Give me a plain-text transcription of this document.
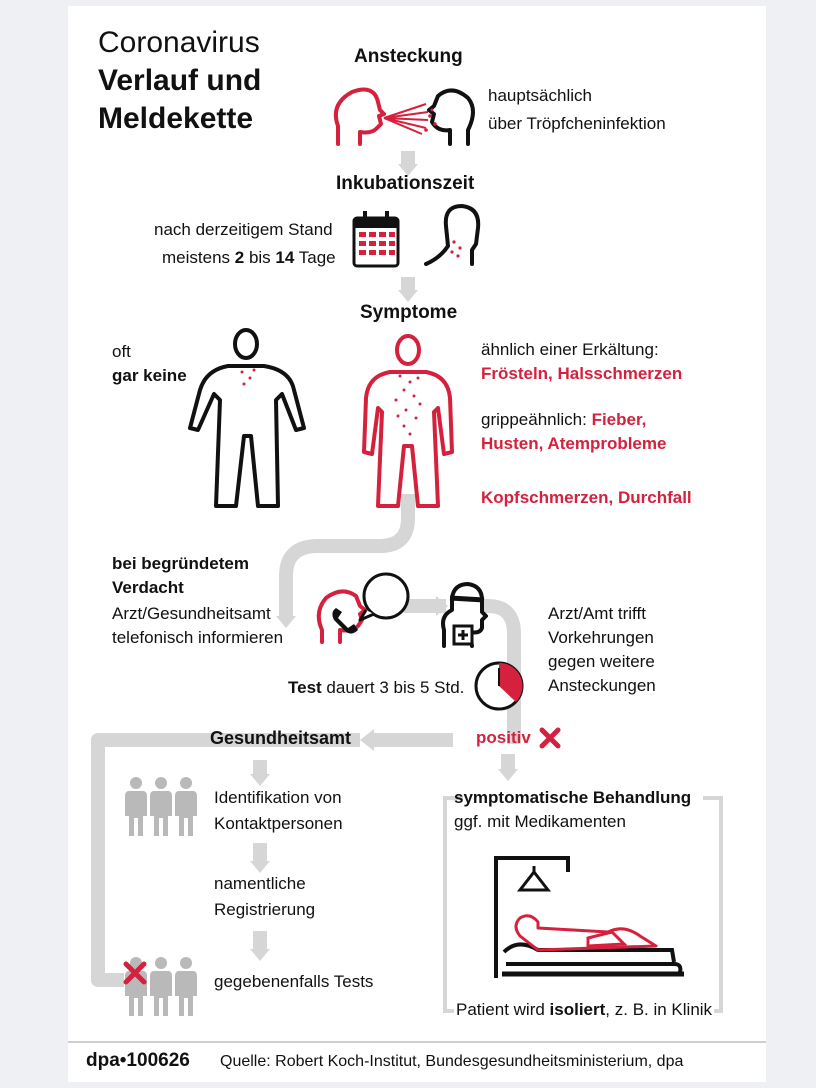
Coronavirus
Verlauf und
Meldekette
Ansteckung
hauptsächlich
über Tröpfcheninfektion
Inkubationszeit
nach derzeitigem Stand
meistens 2 bis 14 Tage
Symptome
oft
gar keine
ähnlich einer Erkältung:
Frösteln, Halsschmerzen
grippeähnlich: Fieber,
Husten, Atemprobleme
Kopfschmerzen, Durchfall
bei begründetem
Verdacht
Arzt/Gesundheitsamt
telefonisch informieren
Arzt/Amt trifft
Vorkehrungen
gegen weitere
Ansteckungen
Test dauert 3 bis 5 Std.
positiv
Gesundheitsamt
Identifikation von
Kontaktpersonen
namentliche
Registrierung
gegebenenfalls Tests
symptomatische Behandlung
ggf. mit Medikamenten
Patient wird isoliert, z. B. in Klinik
dpa•100626 Quelle: Robert Koch-Institut, Bundesgesundheitsministerium, dpa
